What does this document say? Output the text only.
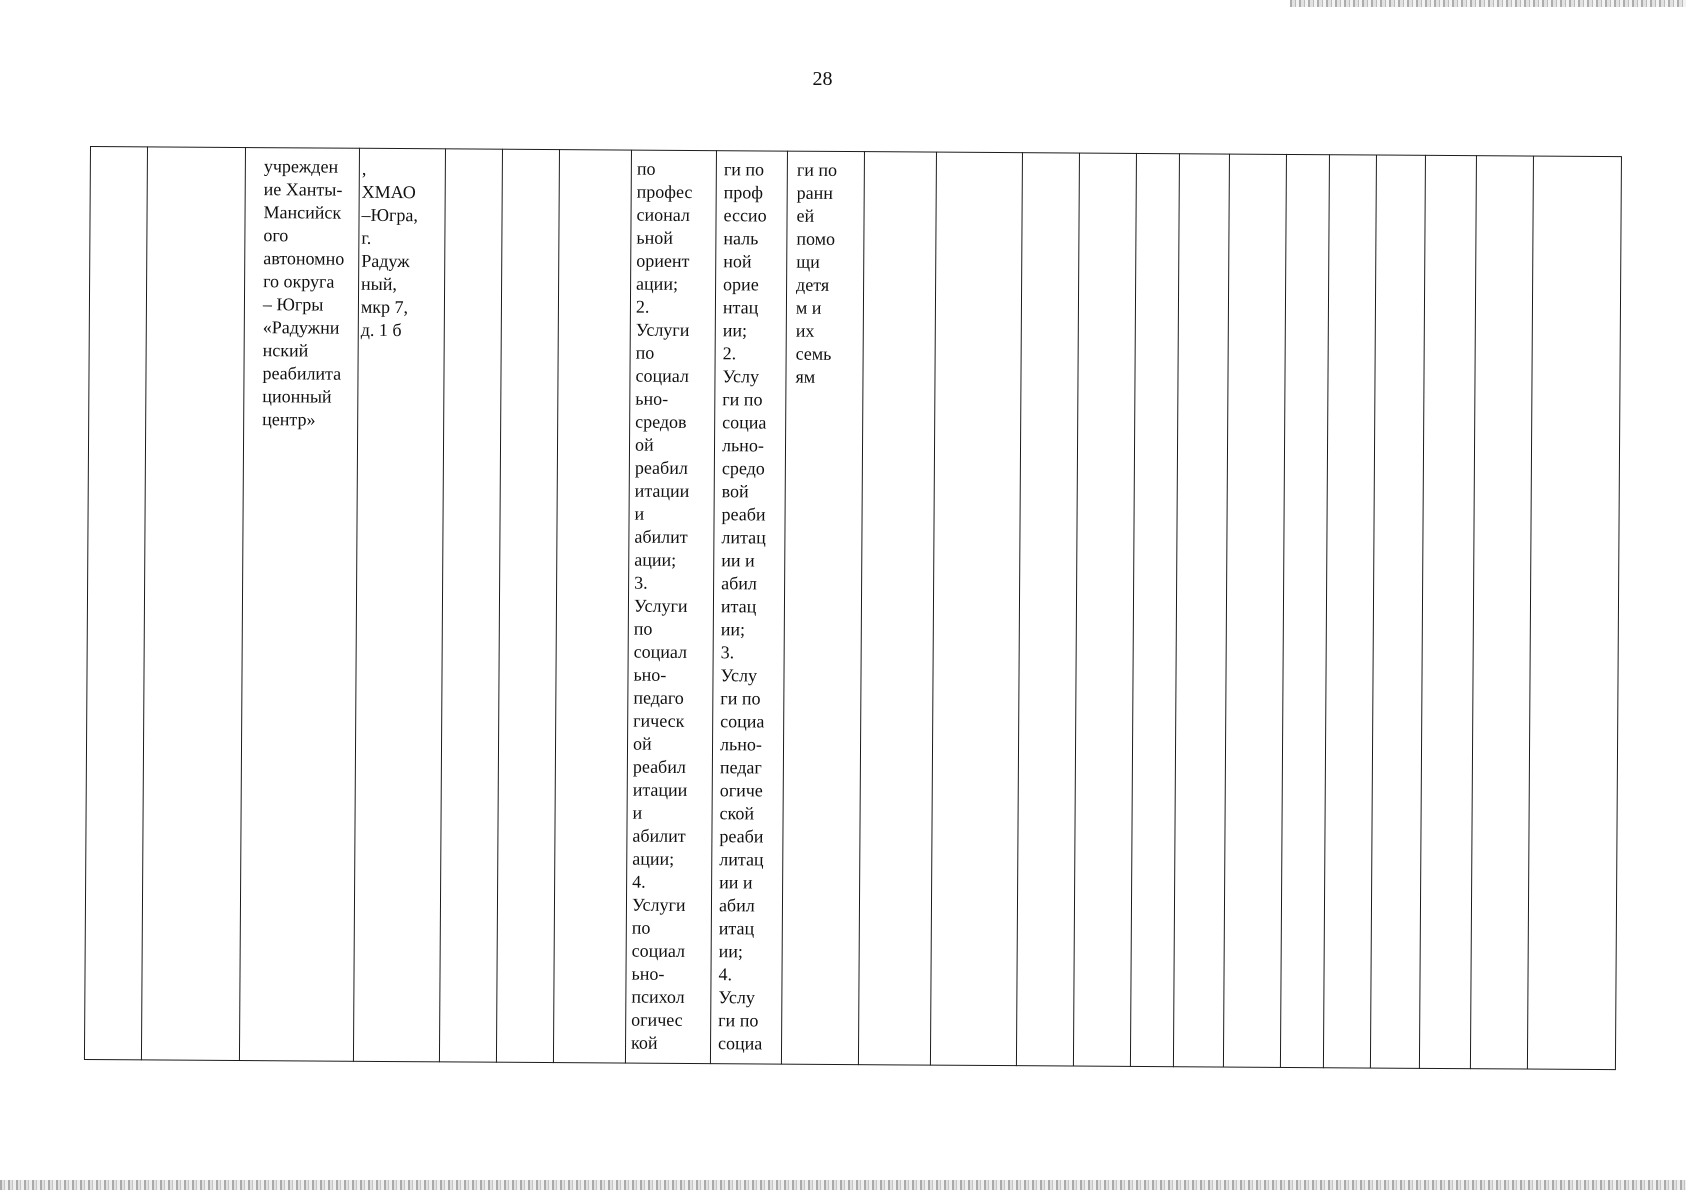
28
учрежден
ие Ханты-
Мансийск
ого
автономно
го округа
– Югры
«Радужни
нский
реабилита
ционный
центр»
,
ХМАО
–Югра,
г.
Радуж
ный,
мкр 7,
д. 1 б
по
профес
сионал
ьной
ориент
ации;
2.
Услуги
по
социал
ьно-
средов
ой
реабил
итации
и
абилит
ации;
3.
Услуги
по
социал
ьно-
педаго
гическ
ой
реабил
итации
и
абилит
ации;
4.
Услуги
по
социал
ьно-
психол
огичес
кой
ги по
проф
ессио
наль
ной
орие
нтац
ии;
2.
Услу
ги по
социа
льно-
средо
вой
реаби
литац
ии и
абил
итац
ии;
3.
Услу
ги по
социа
льно-
педаг
огиче
ской
реаби
литац
ии и
абил
итац
ии;
4.
Услу
ги по
социа
ги по
ранн
ей
помо
щи
детя
м и
их
семь
ям
